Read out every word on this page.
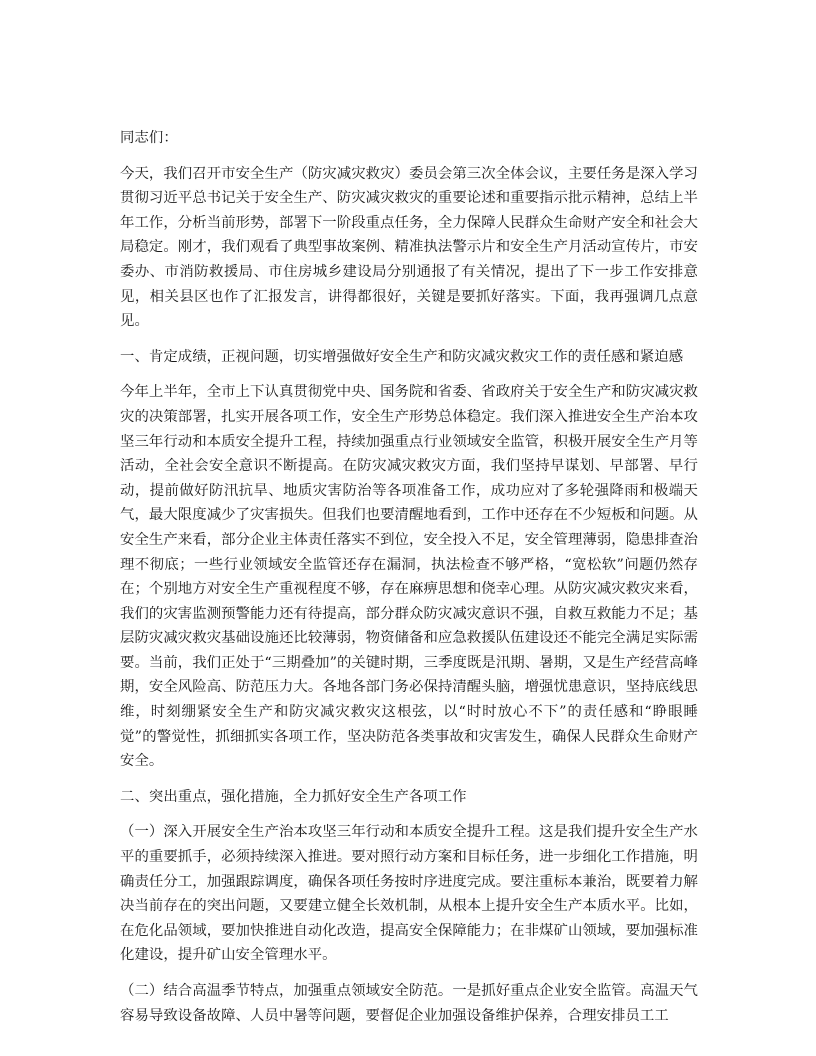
同志们：

今天，我们召开市安全生产（防灾减灾救灾）委员会第三次全体会议，主要任务是深入学习贯彻习近平总书记关于安全生产、防灾减灾救灾的重要论述和重要指示批示精神，总结上半年工作，分析当前形势，部署下一阶段重点任务，全力保障人民群众生命财产安全和社会大局稳定。刚才，我们观看了典型事故案例、精准执法警示片和安全生产月活动宣传片，市安委办、市消防救援局、市住房城乡建设局分别通报了有关情况，提出了下一步工作安排意见，相关县区也作了汇报发言，讲得都很好，关键是要抓好落实。下面，我再强调几点意见。

一、肯定成绩，正视问题，切实增强做好安全生产和防灾减灾救灾工作的责任感和紧迫感

今年上半年，全市上下认真贯彻党中央、国务院和省委、省政府关于安全生产和防灾减灾救灾的决策部署，扎实开展各项工作，安全生产形势总体稳定。我们深入推进安全生产治本攻坚三年行动和本质安全提升工程，持续加强重点行业领域安全监管，积极开展安全生产月等活动，全社会安全意识不断提高。在防灾减灾救灾方面，我们坚持早谋划、早部署、早行动，提前做好防汛抗旱、地质灾害防治等各项准备工作，成功应对了多轮强降雨和极端天气，最大限度减少了灾害损失。但我们也要清醒地看到，工作中还存在不少短板和问题。从安全生产来看，部分企业主体责任落实不到位，安全投入不足，安全管理薄弱，隐患排查治理不彻底；一些行业领域安全监管还存在漏洞，执法检查不够严格，“宽松软”问题仍然存在；个别地方对安全生产重视程度不够，存在麻痹思想和侥幸心理。从防灾减灾救灾来看，我们的灾害监测预警能力还有待提高，部分群众防灾减灾意识不强，自救互救能力不足；基层防灾减灾救灾基础设施还比较薄弱，物资储备和应急救援队伍建设还不能完全满足实际需要。当前，我们正处于“三期叠加”的关键时期，三季度既是汛期、暑期，又是生产经营高峰期，安全风险高、防范压力大。各地各部门务必保持清醒头脑，增强忧患意识，坚持底线思维，时刻绷紧安全生产和防灾减灾救灾这根弦，以“时时放心不下”的责任感和“睁眼睡觉”的警觉性，抓细抓实各项工作，坚决防范各类事故和灾害发生，确保人民群众生命财产安全。

二、突出重点，强化措施，全力抓好安全生产各项工作

（一）深入开展安全生产治本攻坚三年行动和本质安全提升工程。这是我们提升安全生产水平的重要抓手，必须持续深入推进。要对照行动方案和目标任务，进一步细化工作措施，明确责任分工，加强跟踪调度，确保各项任务按时序进度完成。要注重标本兼治，既要着力解决当前存在的突出问题，又要建立健全长效机制，从根本上提升安全生产本质水平。比如，在危化品领域，要加快推进自动化改造，提高安全保障能力；在非煤矿山领域，要加强标准化建设，提升矿山安全管理水平。

（二）结合高温季节特点，加强重点领域安全防范。一是抓好重点企业安全监管。高温天气容易导致设备故障、人员中暑等问题，要督促企业加强设备维护保养，合理安排员工工
